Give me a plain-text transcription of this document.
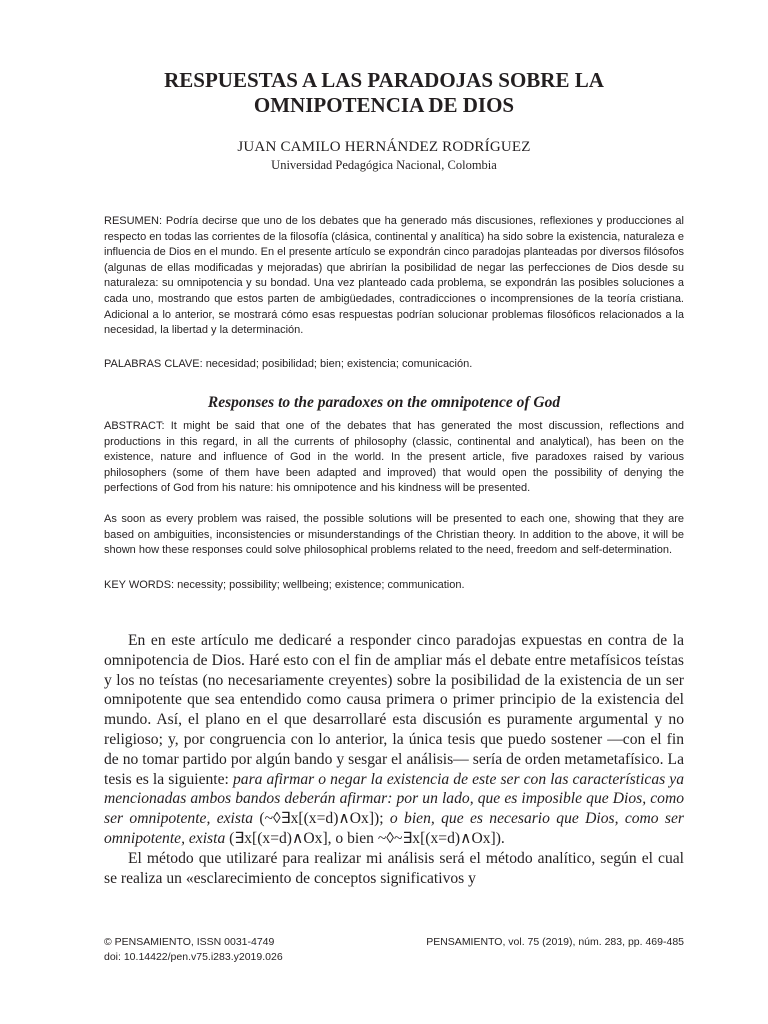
RESPUESTAS A LAS PARADOJAS SOBRE LA
OMNIPOTENCIA DE DIOS
JUAN CAMILO HERNÁNDEZ RODRÍGUEZ
Universidad Pedagógica Nacional, Colombia

RESUMEN: Podría decirse que uno de los debates que ha generado más discusiones, reflexiones y producciones al respecto en todas las corrientes de la filosofía (clásica, continental y analítica) ha sido sobre la existencia, naturaleza e influencia de Dios en el mundo. En el presente artículo se expondrán cinco paradojas planteadas por diversos filósofos (algunas de ellas modificadas y mejoradas) que abrirían la posibilidad de negar las perfecciones de Dios desde su naturaleza: su omnipotencia y su bondad. Una vez planteado cada problema, se expondrán las posibles soluciones a cada uno, mostrando que estos parten de ambigüedades, contradicciones o incomprensiones de la teoría cristiana. Adicional a lo anterior, se mostrará cómo esas respuestas podrían solucionar problemas filosóficos relacionados a la necesidad, la libertad y la determinación.

PALABRAS CLAVE: necesidad; posibilidad; bien; existencia; comunicación.

Responses to the paradoxes on the omnipotence of God

ABSTRACT: It might be said that one of the debates that has generated the most discussion, reflections and productions in this regard, in all the currents of philosophy (classic, continental and analytical), has been on the existence, nature and influence of God in the world. In the present article, five paradoxes raised by various philosophers (some of them have been adapted and improved) that would open the possibility of denying the perfections of God from his nature: his omnipotence and his kindness will be presented.

As soon as every problem was raised, the possible solutions will be presented to each one, showing that they are based on ambiguities, inconsistencies or misunderstandings of the Christian theory. In addition to the above, it will be shown how these responses could solve philosophical problems related to the need, freedom and self-determination.

KEY WORDS: necessity; possibility; wellbeing; existence; communication.

En en este artículo me dedicaré a responder cinco paradojas expuestas en contra de la omnipotencia de Dios. Haré esto con el fin de ampliar más el debate entre metafísicos teístas y los no teístas (no necesariamente creyentes) sobre la posibilidad de la existencia de un ser omnipotente que sea entendido como causa primera o primer principio de la existencia del mundo. Así, el plano en el que desarrollaré esta discusión es puramente argumental y no religioso; y, por congruencia con lo anterior, la única tesis que puedo sostener —con el fin de no tomar partido por algún bando y sesgar el análisis— sería de orden metametafísico. La tesis es la siguiente: para afirmar o negar la existencia de este ser con las características ya mencionadas ambos bandos deberán afirmar: por un lado, que es imposible que Dios, como ser omnipotente, exista (~◊∃x[(x=d)∧Ox]); o bien, que es necesario que Dios, como ser omnipotente, exista (∃x[(x=d)∧Ox], o bien ~◊~∃x[(x=d)∧Ox]).

El método que utilizaré para realizar mi análisis será el método analítico, según el cual se realiza un «esclarecimiento de conceptos significativos y

© PENSAMIENTO, ISSN 0031-4749
doi: 10.14422/pen.v75.i283.y2019.026
PENSAMIENTO, vol. 75 (2019), núm. 283, pp. 469-485
